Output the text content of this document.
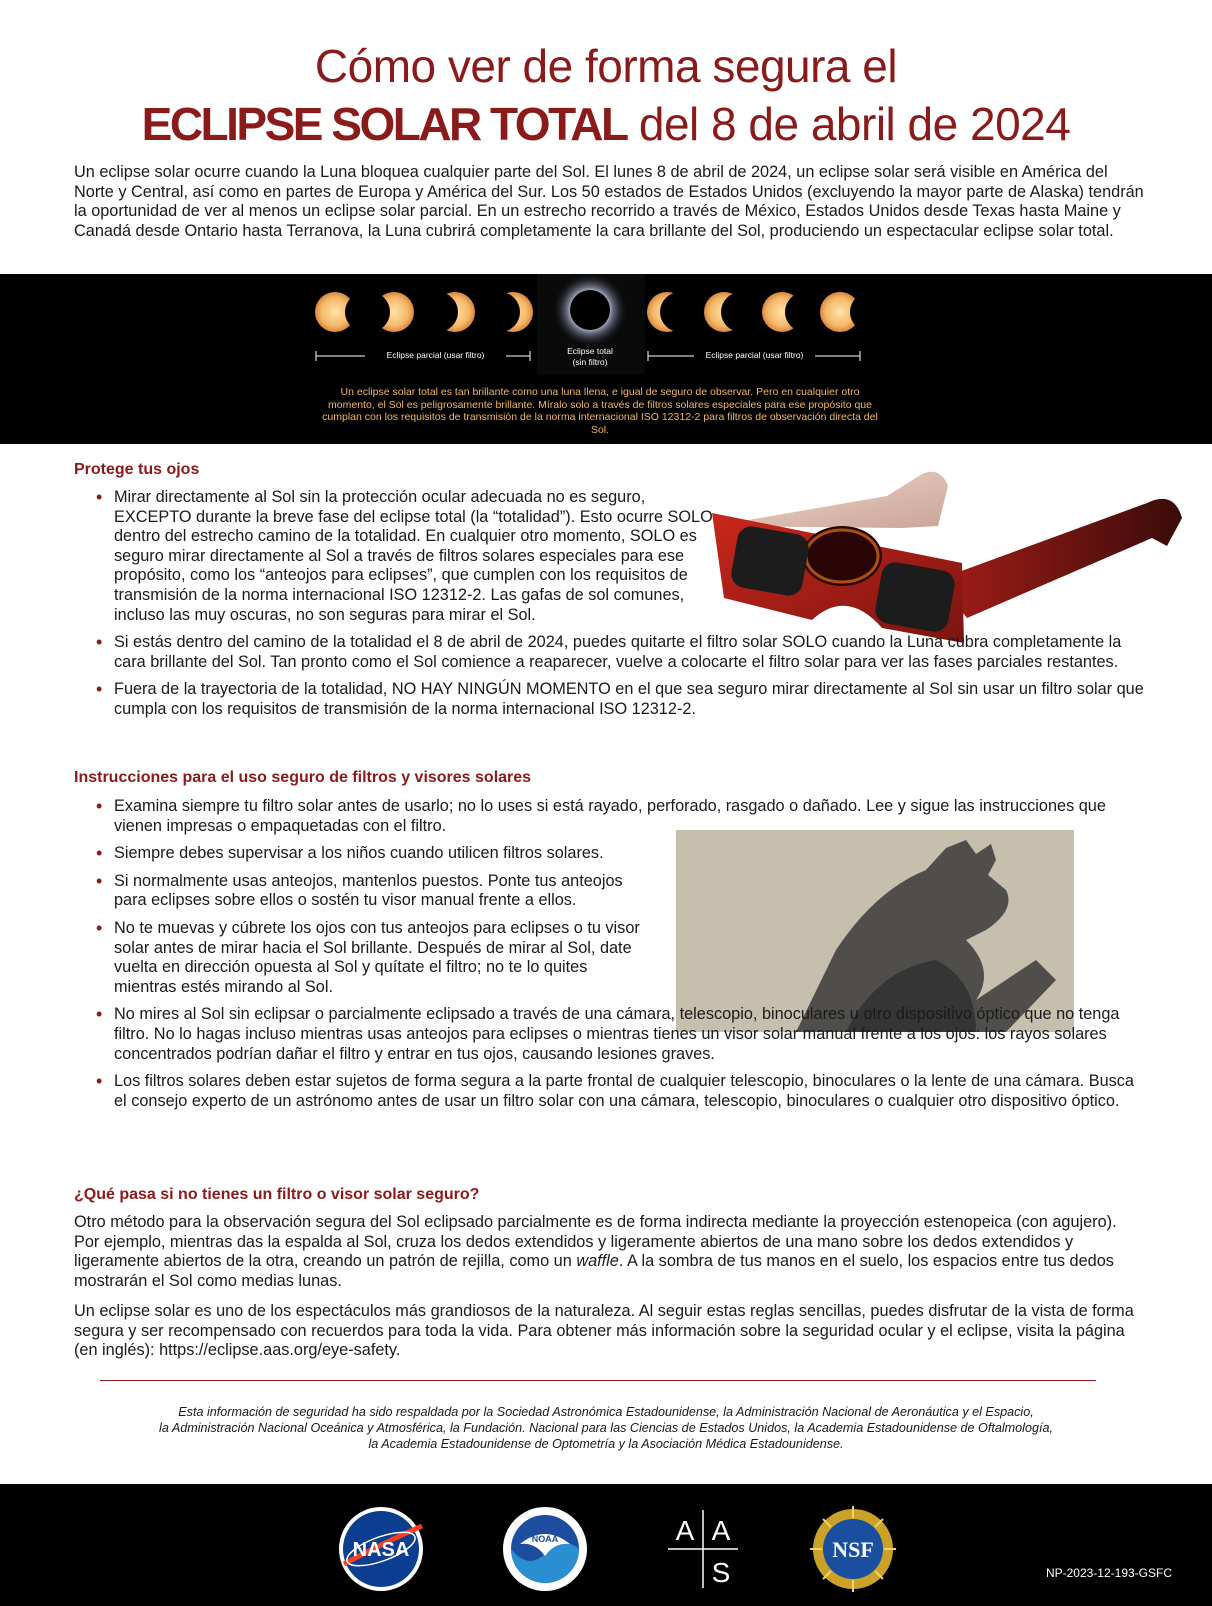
Cómo ver de forma segura el
ECLIPSE SOLAR TOTAL del 8 de abril de 2024

Un eclipse solar ocurre cuando la Luna bloquea cualquier parte del Sol. El lunes 8 de abril de 2024, un eclipse solar será visible en América del Norte y Central, así como en partes de Europa y América del Sur. Los 50 estados de Estados Unidos (excluyendo la mayor parte de Alaska) tendrán la oportunidad de ver al menos un eclipse solar parcial. En un estrecho recorrido a través de México, Estados Unidos desde Texas hasta Maine y Canadá desde Ontario hasta Terranova, la Luna cubrirá completamente la cara brillante del Sol, produciendo un espectacular eclipse solar total.

Eclipse parcial (usar filtro)	Eclipse total
(sin filtro)
Eclipse parcial (usar filtro)
Un eclipse solar total es tan brillante como una luna llena, e igual de seguro de observar. Pero en cualquier otro momento, el Sol es peligrosamente brillante. Míralo solo a través de filtros solares especiales para ese propósito que cumplan con los requisitos de transmisión de la norma internacional ISO 12312-2 para filtros de observación directa del Sol.
Protege tus ojos
• Mirar directamente al Sol sin la protección ocular adecuada no es seguro, EXCEPTO durante la breve fase del eclipse total (la “totalidad”). Esto ocurre SOLO dentro del estrecho camino de la totalidad. En cualquier otro momento, SOLO es seguro mirar directamente al Sol a través de filtros solares especiales para ese propósito, como los “anteojos para eclipses”, que cumplen con los requisitos de transmisión de la norma internacional ISO 12312-2. Las gafas de sol comunes, incluso las muy oscuras, no son seguras para mirar el Sol.
• Si estás dentro del camino de la totalidad el 8 de abril de 2024, puedes quitarte el filtro solar SOLO cuando la Luna cubra completamente la cara brillante del Sol. Tan pronto como el Sol comience a reaparecer, vuelve a colocarte el filtro solar para ver las fases parciales restantes.
• Fuera de la trayectoria de la totalidad, NO HAY NINGÚN MOMENTO en el que sea seguro mirar directamente al Sol sin usar un filtro solar que cumpla con los requisitos de transmisión de la norma internacional ISO 12312-2.
Instrucciones para el uso seguro de filtros y visores solares
• Examina siempre tu filtro solar antes de usarlo; no lo uses si está rayado, perforado, rasgado o dañado. Lee y sigue las instrucciones que vienen impresas o empaquetadas con el filtro.
• Siempre debes supervisar a los niños cuando utilicen filtros solares.
• Si normalmente usas anteojos, mantenlos puestos. Ponte tus anteojos para eclipses sobre ellos o sostén tu visor manual frente a ellos.
• No te muevas y cúbrete los ojos con tus anteojos para eclipses o tu visor solar antes de mirar hacia el Sol brillante. Después de mirar al Sol, date vuelta en dirección opuesta al Sol y quítate el filtro; no te lo quites mientras estés mirando al Sol.
• No mires al Sol sin eclipsar o parcialmente eclipsado a través de una cámara, telescopio, binoculares u otro dispositivo óptico que no tenga filtro. No lo hagas incluso mientras usas anteojos para eclipses o mientras tienes un visor solar manual frente a los ojos: los rayos solares concentrados podrían dañar el filtro y entrar en tus ojos, causando lesiones graves.
• Los filtros solares deben estar sujetos de forma segura a la parte frontal de cualquier telescopio, binoculares o la lente de una cámara. Busca el consejo experto de un astrónomo antes de usar un filtro solar con una cámara, telescopio, binoculares o cualquier otro dispositivo óptico.
¿Qué pasa si no tienes un filtro o visor solar seguro?

Otro método para la observación segura del Sol eclipsado parcialmente es de forma indirecta mediante la proyección estenopeica (con agujero). Por ejemplo, mientras das la espalda al Sol, cruza los dedos extendidos y ligeramente abiertos de una mano sobre los dedos extendidos y ligeramente abiertos de la otra, creando un patrón de rejilla, como un waffle. A la sombra de tus manos en el suelo, los espacios entre tus dedos mostrarán el Sol como medias lunas.

Un eclipse solar es uno de los espectáculos más grandiosos de la naturaleza. Al seguir estas reglas sencillas, puedes disfrutar de la vista de forma segura y ser recompensado con recuerdos para toda la vida. Para obtener más información sobre la seguridad ocular y el eclipse, visita la página (en inglés): https://eclipse.aas.org/eye-safety.

Esta información de seguridad ha sido respaldada por la Sociedad Astronómica Estadounidense, la Administración Nacional de Aeronáutica y el Espacio,
la Administración Nacional Oceánica y Atmosférica, la Fundación. Nacional para las Ciencias de Estados Unidos, la Academia Estadounidense de Oftalmología,
la Academia Estadounidense de Optometría y la Asociación Médica Estadounidense.
NASA	NOAA	A A
S
NSF
NP-2023-12-193-GSFC
